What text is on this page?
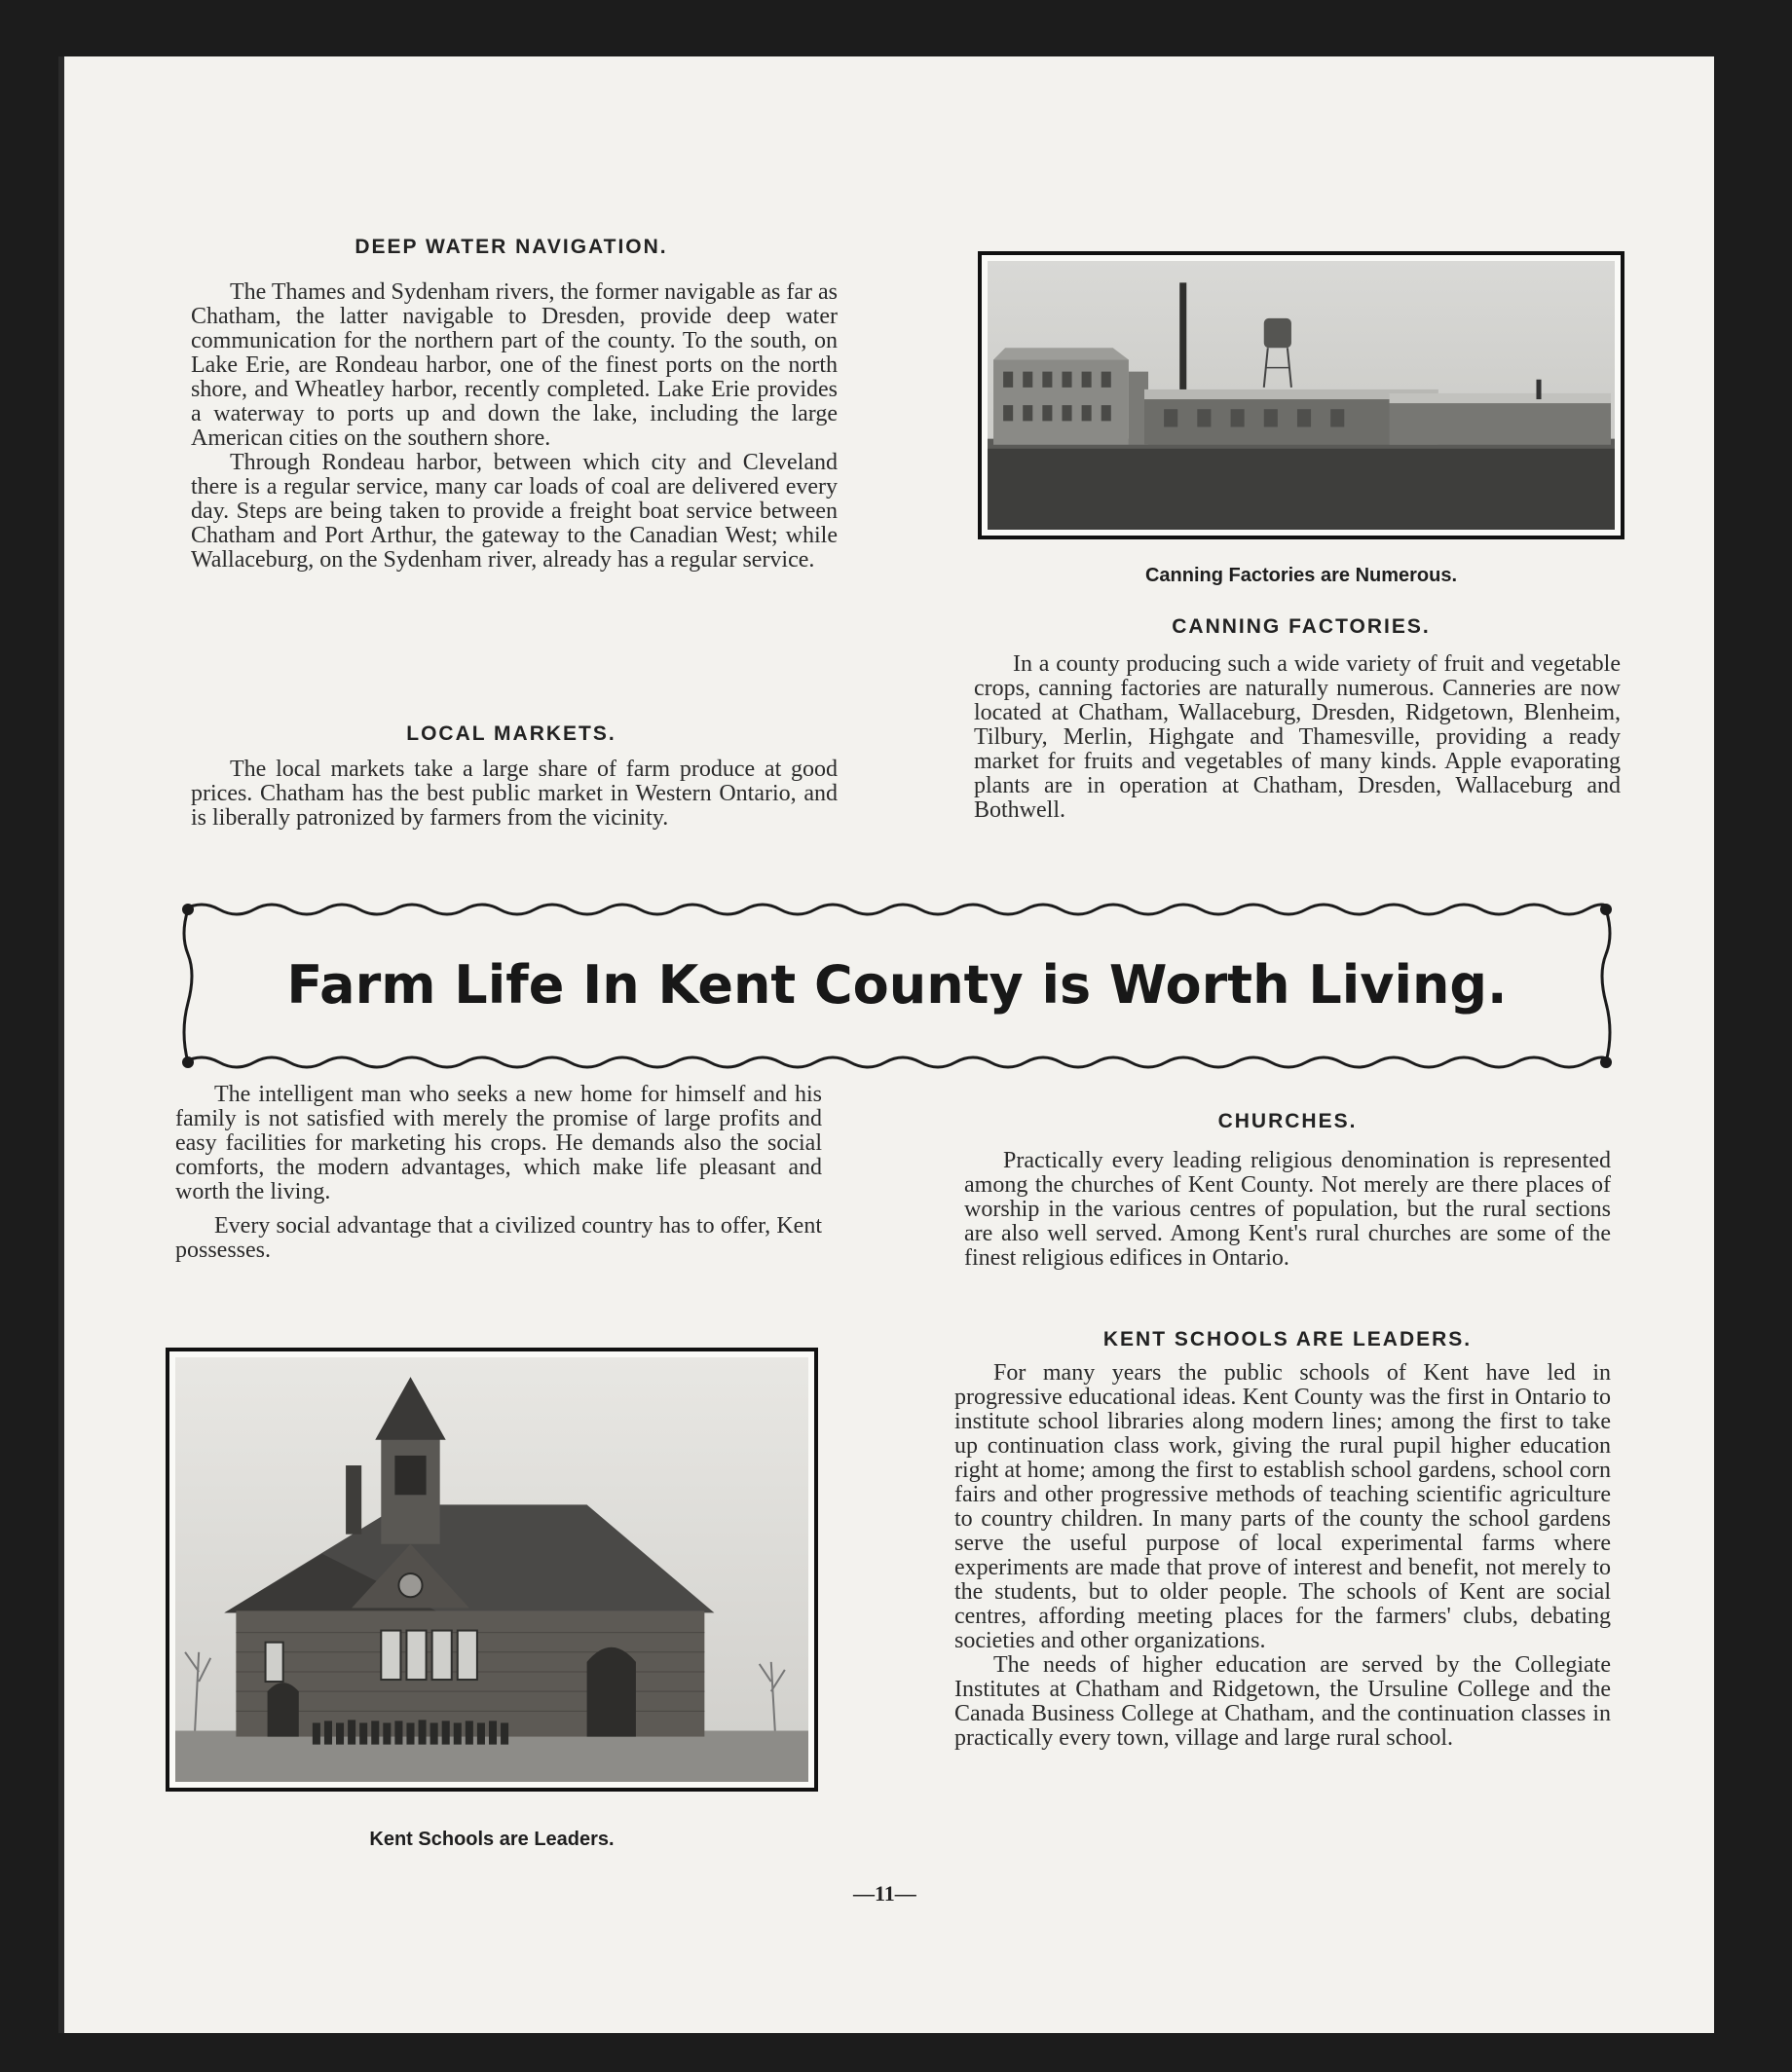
DEEP WATER NAVIGATION.

The Thames and Sydenham rivers, the former navigable as far as Chatham, the latter navigable to Dresden, provide deep water communication for the northern part of the county. To the south, on Lake Erie, are Rondeau harbor, one of the finest ports on the north shore, and Wheatley harbor, recently completed. Lake Erie provides a waterway to ports up and down the lake, including the large American cities on the southern shore.

Through Rondeau harbor, between which city and Cleveland there is a regular service, many car loads of coal are delivered every day. Steps are being taken to provide a freight boat service between Chatham and Port Arthur, the gateway to the Canadian West; while Wallaceburg, on the Sydenham river, already has a regular service.

LOCAL MARKETS.

The local markets take a large share of farm produce at good prices. Chatham has the best public market in Western Ontario, and is liberally patronized by farmers from the vicinity.

Canning Factories are Numerous.
CANNING FACTORIES.

In a county producing such a wide variety of fruit and vegetable crops, canning factories are naturally numerous. Canneries are now located at Chatham, Wallaceburg, Dresden, Ridgetown, Blenheim, Tilbury, Merlin, Highgate and Thamesville, providing a ready market for fruits and vegetables of many kinds. Apple evaporating plants are in operation at Chatham, Dresden, Wallaceburg and Bothwell.

Farm Life In Kent County is Worth Living.

The intelligent man who seeks a new home for himself and his family is not satisfied with merely the promise of large profits and easy facilities for marketing his crops. He demands also the social comforts, the modern advantages, which make life pleasant and worth the living.

Every social advantage that a civilized country has to offer, Kent possesses.

Kent Schools are Leaders.
CHURCHES.

Practically every leading religious denomination is represented among the churches of Kent County. Not merely are there places of worship in the various centres of population, but the rural sections are also well served. Among Kent's rural churches are some of the finest religious edifices in Ontario.

KENT SCHOOLS ARE LEADERS.

For many years the public schools of Kent have led in progressive educational ideas. Kent County was the first in Ontario to institute school libraries along modern lines; among the first to take up continuation class work, giving the rural pupil higher education right at home; among the first to establish school gardens, school corn fairs and other progressive methods of teaching scientific agriculture to country children. In many parts of the county the school gardens serve the useful purpose of local experimental farms where experiments are made that prove of interest and benefit, not merely to the students, but to older people. The schools of Kent are social centres, affording meeting places for the farmers' clubs, debating societies and other organizations.

The needs of higher education are served by the Collegiate Institutes at Chatham and Ridgetown, the Ursuline College and the Canada Business College at Chatham, and the continuation classes in practically every town, village and large rural school.

—11—
